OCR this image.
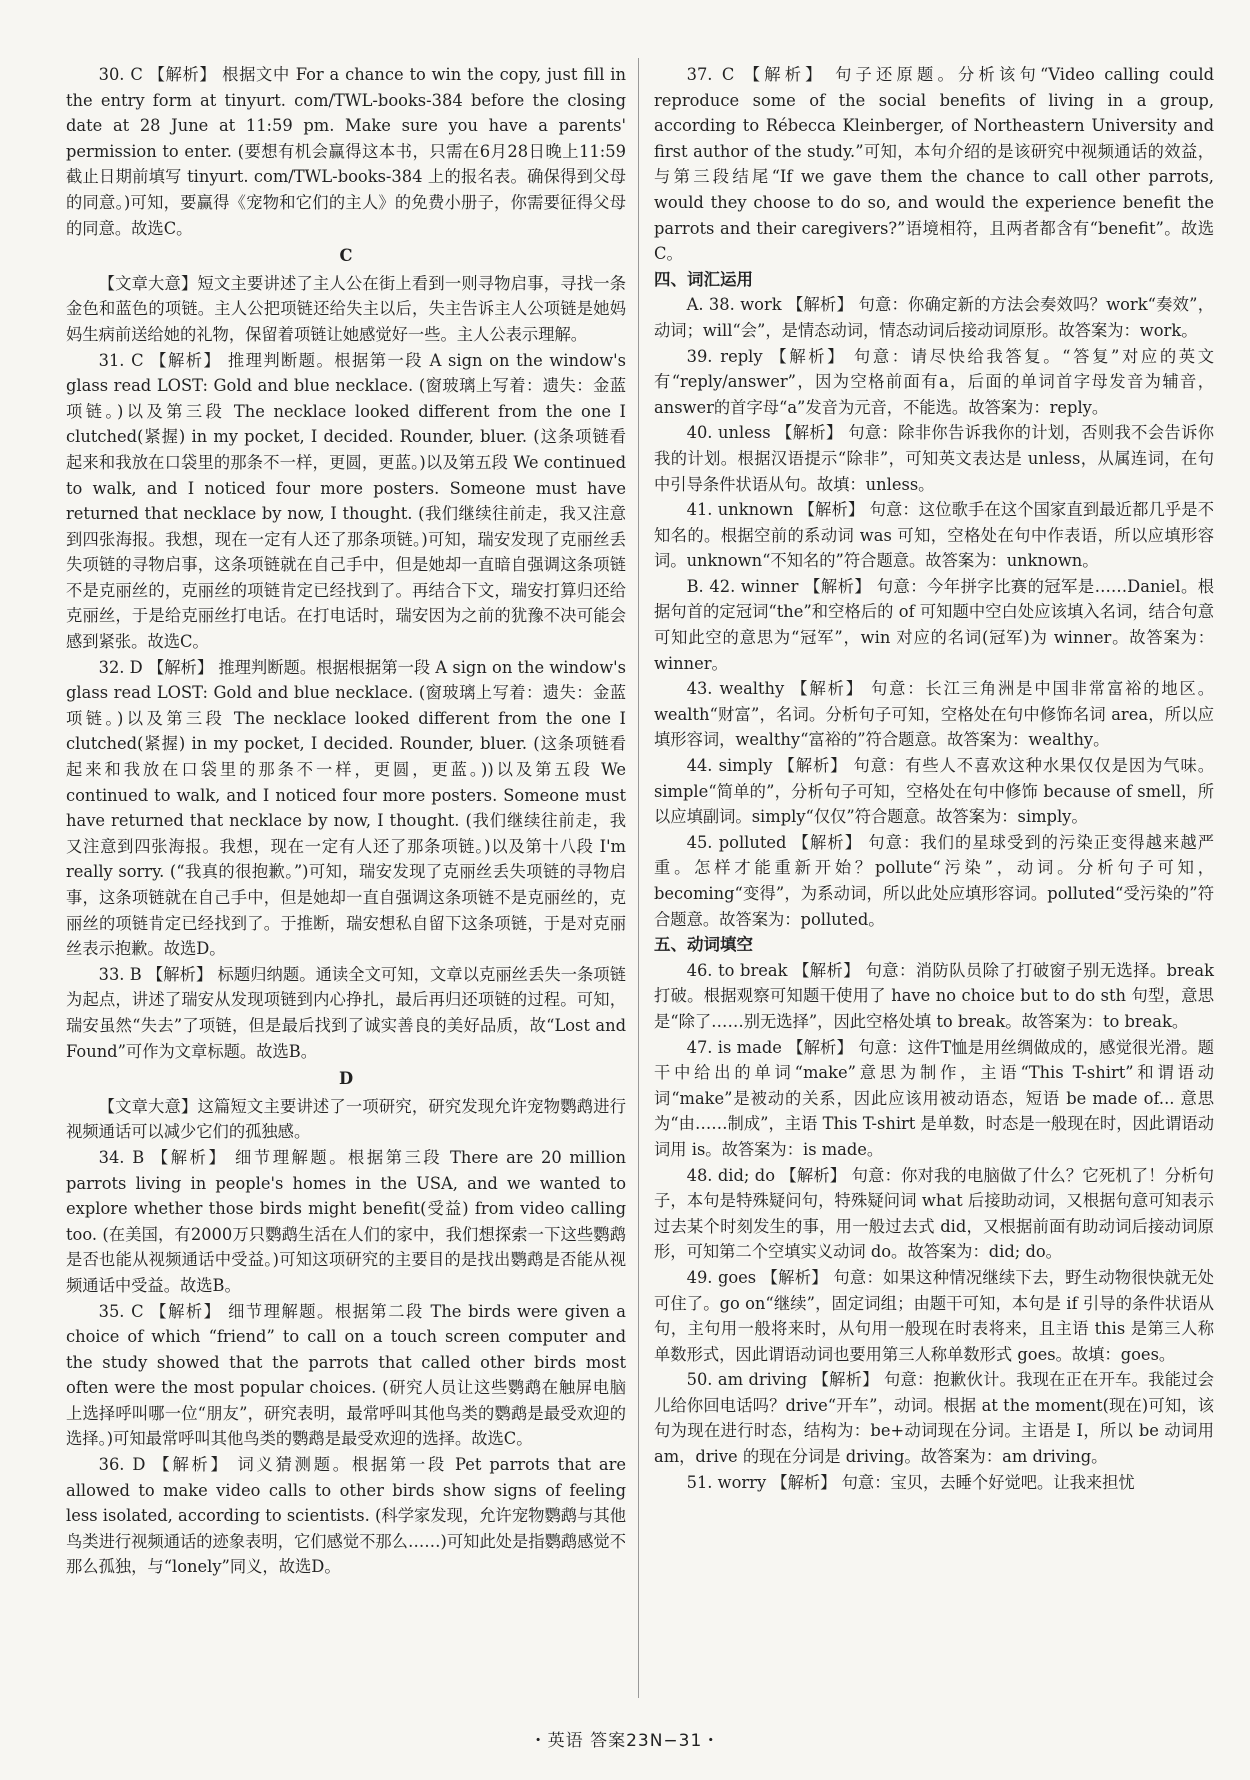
30. C 【解析】 根据文中 For a chance to win the copy, just fill in the entry form at tinyurt. com/TWL-books-384 before the closing date at 28 June at 11:59 pm. Make sure you have a parents' permission to enter. (要想有机会赢得这本书，只需在6月28日晚上11:59截止日期前填写 tinyurt. com/TWL-books-384 上的报名表。确保得到父母的同意。)可知，要赢得《宠物和它们的主人》的免费小册子，你需要征得父母的同意。故选C。

C

【文章大意】短文主要讲述了主人公在街上看到一则寻物启事，寻找一条金色和蓝色的项链。主人公把项链还给失主以后，失主告诉主人公项链是她妈妈生病前送给她的礼物，保留着项链让她感觉好一些。主人公表示理解。

31. C 【解析】 推理判断题。根据第一段 A sign on the window's glass read LOST: Gold and blue necklace. (窗玻璃上写着：遗失：金蓝项链。)以及第三段 The necklace looked different from the one I clutched(紧握) in my pocket, I decided. Rounder, bluer. (这条项链看起来和我放在口袋里的那条不一样，更圆，更蓝。)以及第五段 We continued to walk, and I noticed four more posters. Someone must have returned that necklace by now, I thought. (我们继续往前走，我又注意到四张海报。我想，现在一定有人还了那条项链。)可知，瑞安发现了克丽丝丢失项链的寻物启事，这条项链就在自己手中，但是她却一直暗自强调这条项链不是克丽丝的，克丽丝的项链肯定已经找到了。再结合下文，瑞安打算归还给克丽丝，于是给克丽丝打电话。在打电话时，瑞安因为之前的犹豫不决可能会感到紧张。故选C。

32. D 【解析】 推理判断题。根据根据第一段 A sign on the window's glass read LOST: Gold and blue necklace. (窗玻璃上写着：遗失：金蓝项链。)以及第三段 The necklace looked different from the one I clutched(紧握) in my pocket, I decided. Rounder, bluer. (这条项链看起来和我放在口袋里的那条不一样，更圆，更蓝。))以及第五段 We continued to walk, and I noticed four more posters. Someone must have returned that necklace by now, I thought. (我们继续往前走，我又注意到四张海报。我想，现在一定有人还了那条项链。)以及第十八段 I'm really sorry. (“我真的很抱歉。”)可知，瑞安发现了克丽丝丢失项链的寻物启事，这条项链就在自己手中，但是她却一直自强调这条项链不是克丽丝的，克丽丝的项链肯定已经找到了。于推断，瑞安想私自留下这条项链，于是对克丽丝表示抱歉。故选D。

33. B 【解析】 标题归纳题。通读全文可知，文章以克丽丝丢失一条项链为起点，讲述了瑞安从发现项链到内心挣扎，最后再归还项链的过程。可知，瑞安虽然“失去”了项链，但是最后找到了诚实善良的美好品质，故“Lost and Found”可作为文章标题。故选B。

D

【文章大意】这篇短文主要讲述了一项研究，研究发现允许宠物鹦鹉进行视频通话可以减少它们的孤独感。

34. B 【解析】 细节理解题。根据第三段 There are 20 million parrots living in people's homes in the USA, and we wanted to explore whether those birds might benefit(受益) from video calling too. (在美国，有2000万只鹦鹉生活在人们的家中，我们想探索一下这些鹦鹉是否也能从视频通话中受益。)可知这项研究的主要目的是找出鹦鹉是否能从视频通话中受益。故选B。

35. C 【解析】 细节理解题。根据第二段 The birds were given a choice of which “friend” to call on a touch screen computer and the study showed that the parrots that called other birds most often were the most popular choices. (研究人员让这些鹦鹉在触屏电脑上选择呼叫哪一位“朋友”，研究表明，最常呼叫其他鸟类的鹦鹉是最受欢迎的选择。)可知最常呼叫其他鸟类的鹦鹉是最受欢迎的选择。故选C。

36. D 【解析】 词义猜测题。根据第一段 Pet parrots that are allowed to make video calls to other birds show signs of feeling less isolated, according to scientists. (科学家发现，允许宠物鹦鹉与其他鸟类进行视频通话的迹象表明，它们感觉不那么……)可知此处是指鹦鹉感觉不那么孤独，与“lonely”同义，故选D。

37. C 【解析】 句子还原题。分析该句“Video calling could reproduce some of the social benefits of living in a group, according to Rébecca Kleinberger, of Northeastern University and first author of the study.”可知，本句介绍的是该研究中视频通话的效益，与第三段结尾“If we gave them the chance to call other parrots, would they choose to do so, and would the experience benefit the parrots and their caregivers?”语境相符，且两者都含有“benefit”。故选C。

四、词汇运用

A. 38. work 【解析】 句意：你确定新的方法会奏效吗？work“奏效”，动词；will“会”，是情态动词，情态动词后接动词原形。故答案为：work。

39. reply 【解析】 句意：请尽快给我答复。“答复”对应的英文有“reply/answer”，因为空格前面有a，后面的单词首字母发音为辅音，answer的首字母“a”发音为元音，不能选。故答案为：reply。

40. unless 【解析】 句意：除非你告诉我你的计划，否则我不会告诉你我的计划。根据汉语提示“除非”，可知英文表达是 unless，从属连词，在句中引导条件状语从句。故填：unless。

41. unknown 【解析】 句意：这位歌手在这个国家直到最近都几乎是不知名的。根据空前的系动词 was 可知，空格处在句中作表语，所以应填形容词。unknown“不知名的”符合题意。故答案为：unknown。

B. 42. winner 【解析】 句意：今年拼字比赛的冠军是……Daniel。根据句首的定冠词“the”和空格后的 of 可知题中空白处应该填入名词，结合句意可知此空的意思为“冠军”，win 对应的名词(冠军)为 winner。故答案为：winner。

43. wealthy 【解析】 句意：长江三角洲是中国非常富裕的地区。wealth“财富”，名词。分析句子可知，空格处在句中修饰名词 area，所以应填形容词，wealthy“富裕的”符合题意。故答案为：wealthy。

44. simply 【解析】 句意：有些人不喜欢这种水果仅仅是因为气味。simple“简单的”，分析句子可知，空格处在句中修饰 because of smell，所以应填副词。simply“仅仅”符合题意。故答案为：simply。

45. polluted 【解析】 句意：我们的星球受到的污染正变得越来越严重。怎样才能重新开始？pollute“污染”，动词。分析句子可知，becoming“变得”，为系动词，所以此处应填形容词。polluted“受污染的”符合题意。故答案为：polluted。

五、动词填空

46. to break 【解析】 句意：消防队员除了打破窗子别无选择。break 打破。根据观察可知题干使用了 have no choice but to do sth 句型，意思是“除了……别无选择”，因此空格处填 to break。故答案为：to break。

47. is made 【解析】 句意：这件T恤是用丝绸做成的，感觉很光滑。题干中给出的单词“make”意思为制作，主语“This T-shirt”和谓语动词“make”是被动的关系，因此应该用被动语态，短语 be made of... 意思为“由……制成”，主语 This T-shirt 是单数，时态是一般现在时，因此谓语动词用 is。故答案为：is made。

48. did; do 【解析】 句意：你对我的电脑做了什么？它死机了！分析句子，本句是特殊疑问句，特殊疑问词 what 后接助动词，又根据句意可知表示过去某个时刻发生的事，用一般过去式 did，又根据前面有助动词后接动词原形，可知第二个空填实义动词 do。故答案为：did; do。

49. goes 【解析】 句意：如果这种情况继续下去，野生动物很快就无处可住了。go on“继续”，固定词组；由题干可知，本句是 if 引导的条件状语从句，主句用一般将来时，从句用一般现在时表将来，且主语 this 是第三人称单数形式，因此谓语动词也要用第三人称单数形式 goes。故填：goes。

50. am driving 【解析】 句意：抱歉伙计。我现在正在开车。我能过会儿给你回电话吗？drive“开车”，动词。根据 at the moment(现在)可知，该句为现在进行时态，结构为：be+动词现在分词。主语是 I，所以 be 动词用 am，drive 的现在分词是 driving。故答案为：am driving。

51. worry 【解析】 句意：宝贝，去睡个好觉吧。让我来担忧

・英语 答案23N−31・
